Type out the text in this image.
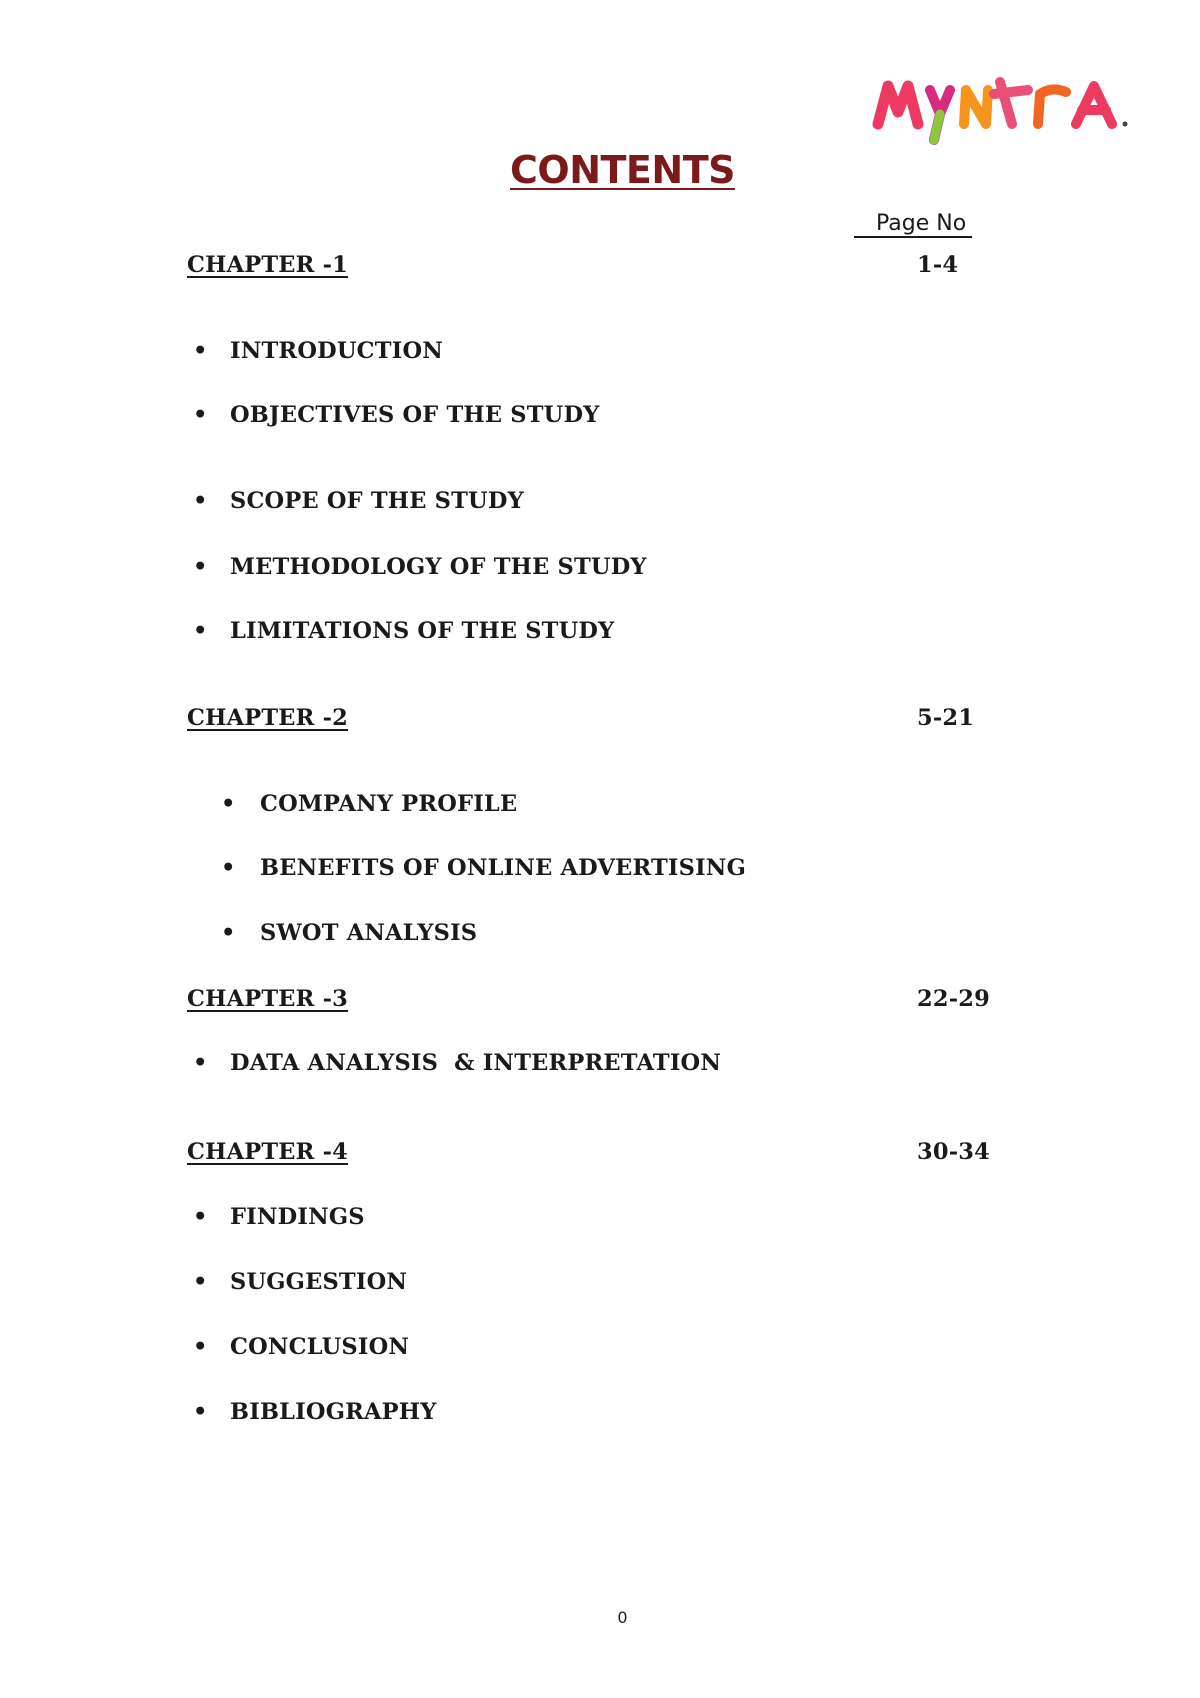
CONTENTS
Page No
CHAPTER -1	1-4
• INTRODUCTION
• OBJECTIVES OF THE STUDY
• SCOPE OF THE STUDY
• METHODOLOGY OF THE STUDY
• LIMITATIONS OF THE STUDY
CHAPTER -2	5-21
• COMPANY PROFILE
• BENEFITS OF ONLINE ADVERTISING
• SWOT ANALYSIS
CHAPTER -3	22-29
• DATA ANALYSIS  & INTERPRETATION
CHAPTER -4	30-34
• FINDINGS
• SUGGESTION
• CONCLUSION
• BIBLIOGRAPHY
0
